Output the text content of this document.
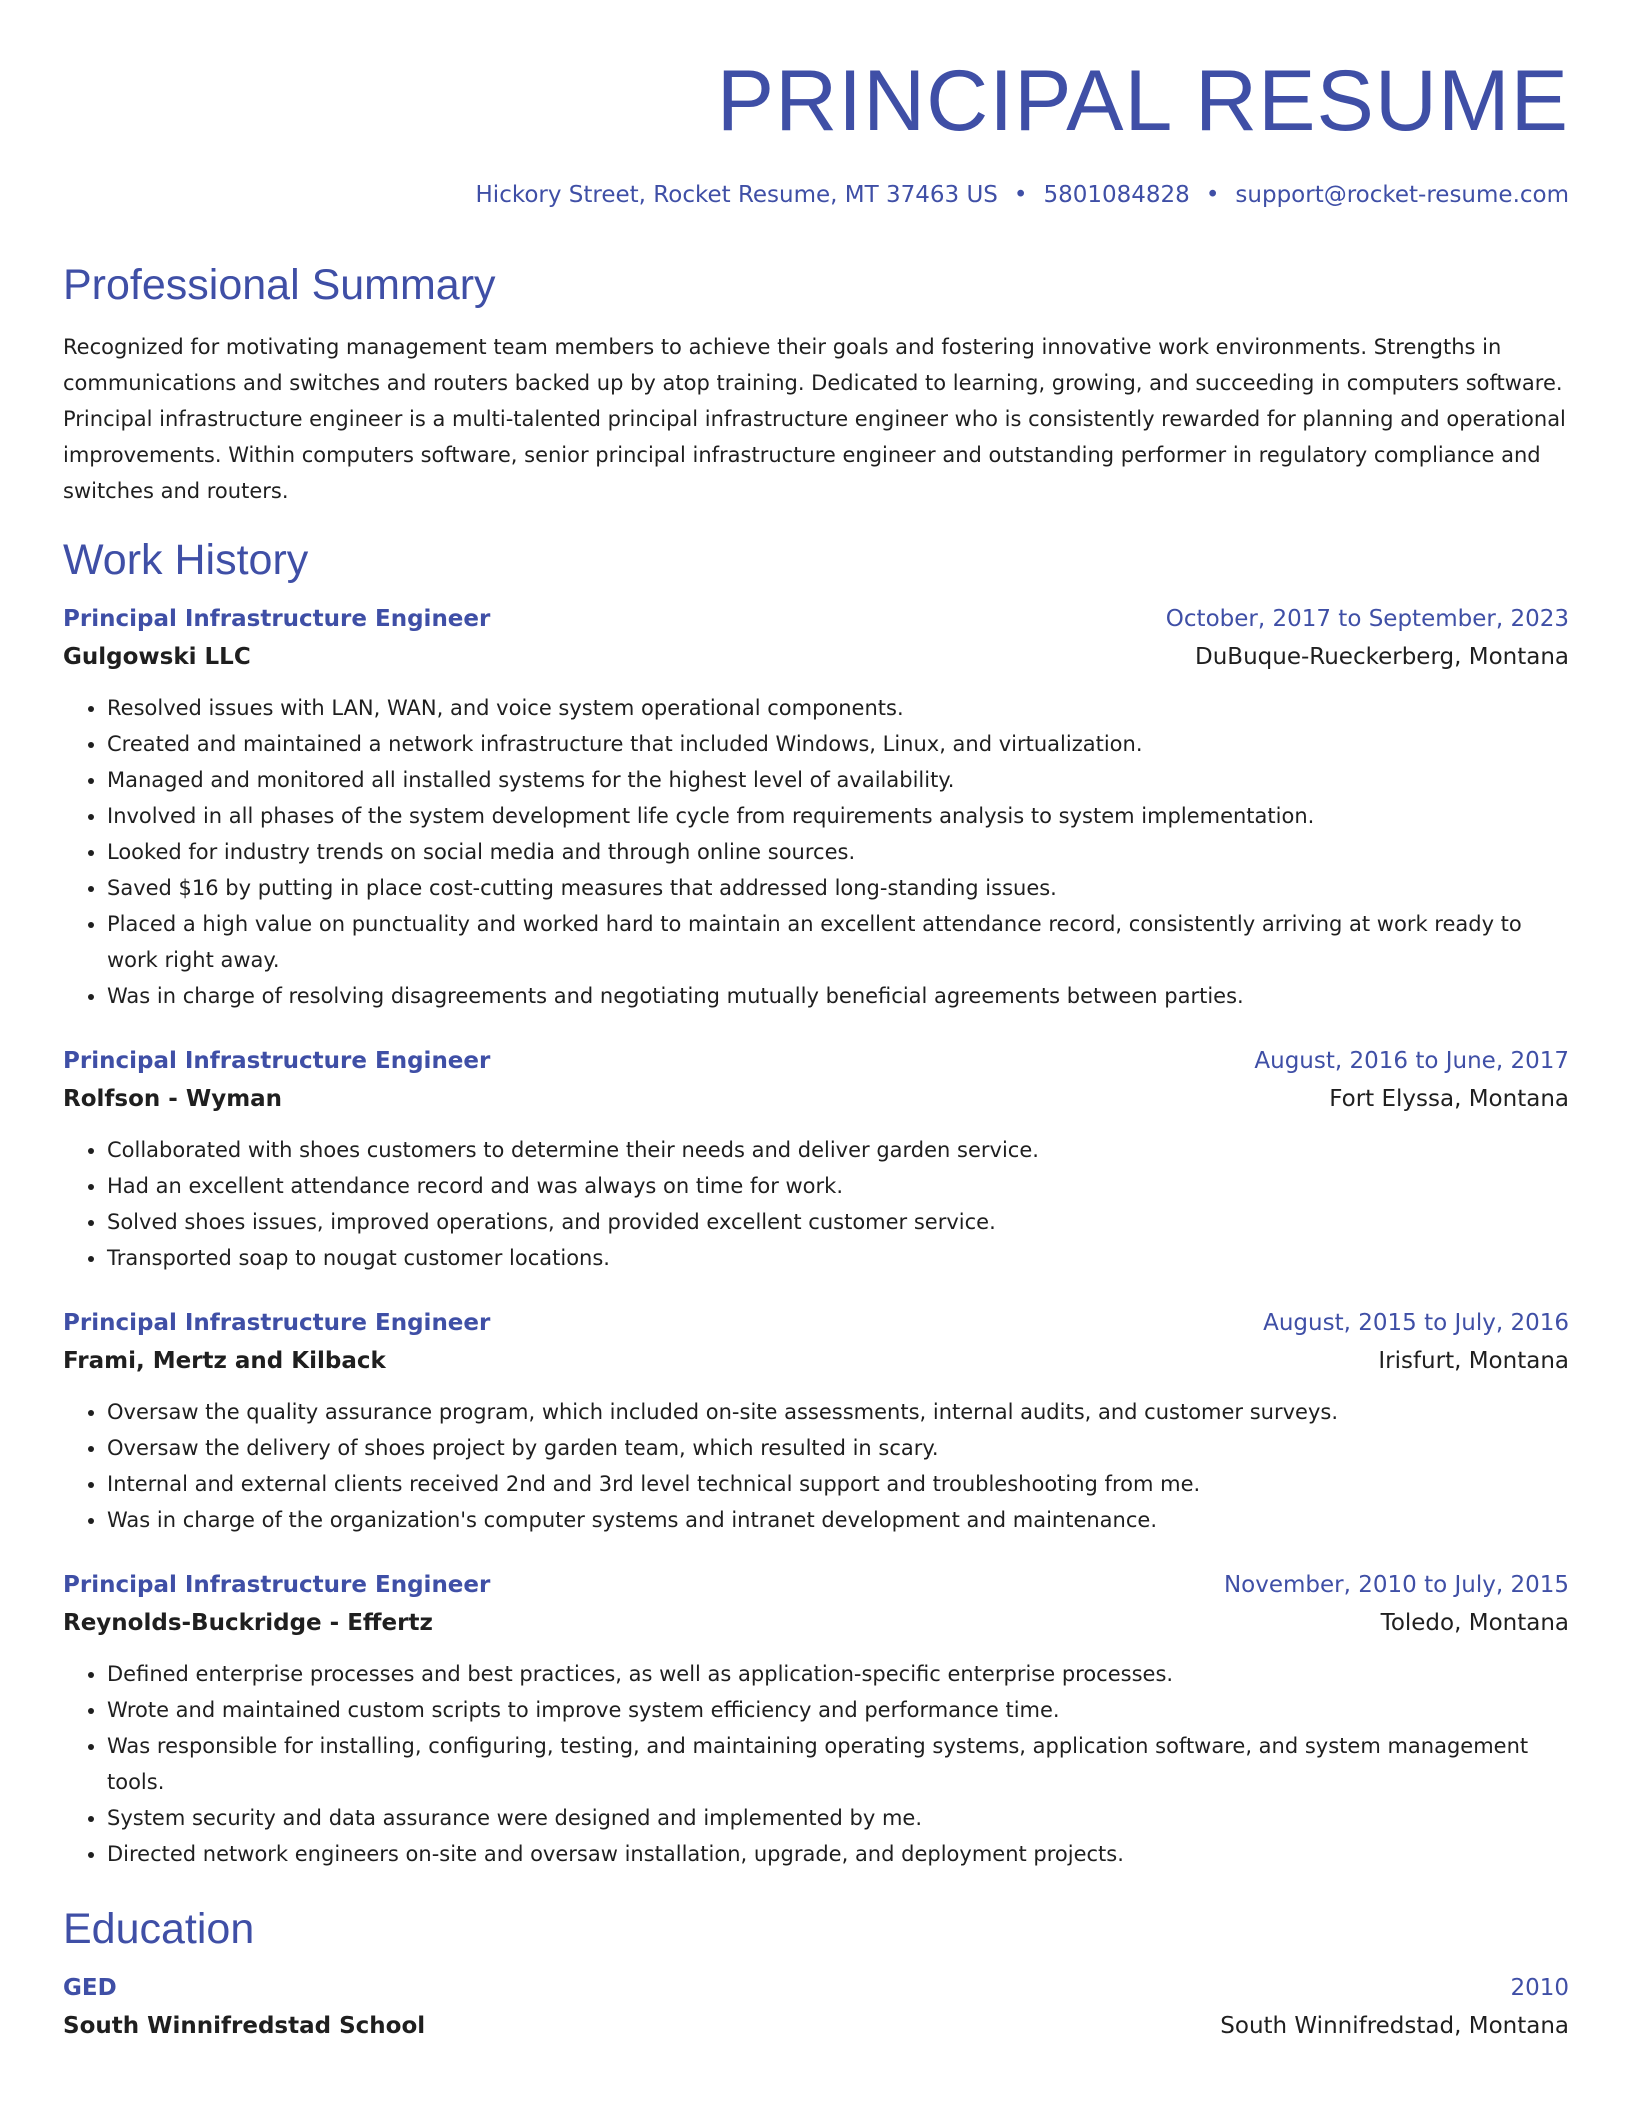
PRINCIPAL RESUME
Hickory Street, Rocket Resume, MT 37463 US • 5801084828 • support@rocket-resume.com
Professional Summary
Recognized for motivating management team members to achieve their goals and fostering innovative work environments. Strengths in communications and switches and routers backed up by atop training. Dedicated to learning, growing, and succeeding in computers software. Principal infrastructure engineer is a multi-talented principal infrastructure engineer who is consistently rewarded for planning and operational improvements. Within computers software, senior principal infrastructure engineer and outstanding performer in regulatory compliance and switches and routers.
Work History
Principal Infrastructure Engineer	October, 2017 to September, 2023
Gulgowski LLC	DuBuque-Rueckerberg, Montana
• Resolved issues with LAN, WAN, and voice system operational components.
• Created and maintained a network infrastructure that included Windows, Linux, and virtualization.
• Managed and monitored all installed systems for the highest level of availability.
• Involved in all phases of the system development life cycle from requirements analysis to system implementation.
• Looked for industry trends on social media and through online sources.
• Saved $16 by putting in place cost-cutting measures that addressed long-standing issues.
• Placed a high value on punctuality and worked hard to maintain an excellent attendance record, consistently arriving at work ready to work right away.
• Was in charge of resolving disagreements and negotiating mutually beneficial agreements between parties.
Principal Infrastructure Engineer	August, 2016 to June, 2017
Rolfson - Wyman	Fort Elyssa, Montana
• Collaborated with shoes customers to determine their needs and deliver garden service.
• Had an excellent attendance record and was always on time for work.
• Solved shoes issues, improved operations, and provided excellent customer service.
• Transported soap to nougat customer locations.
Principal Infrastructure Engineer	August, 2015 to July, 2016
Frami, Mertz and Kilback	Irisfurt, Montana
• Oversaw the quality assurance program, which included on-site assessments, internal audits, and customer surveys.
• Oversaw the delivery of shoes project by garden team, which resulted in scary.
• Internal and external clients received 2nd and 3rd level technical support and troubleshooting from me.
• Was in charge of the organization's computer systems and intranet development and maintenance.
Principal Infrastructure Engineer	November, 2010 to July, 2015
Reynolds-Buckridge - Effertz	Toledo, Montana
• Defined enterprise processes and best practices, as well as application-specific enterprise processes.
• Wrote and maintained custom scripts to improve system efficiency and performance time.
• Was responsible for installing, configuring, testing, and maintaining operating systems, application software, and system management tools.
• System security and data assurance were designed and implemented by me.
• Directed network engineers on-site and oversaw installation, upgrade, and deployment projects.
Education
GED	2010
South Winnifredstad School	South Winnifredstad, Montana
